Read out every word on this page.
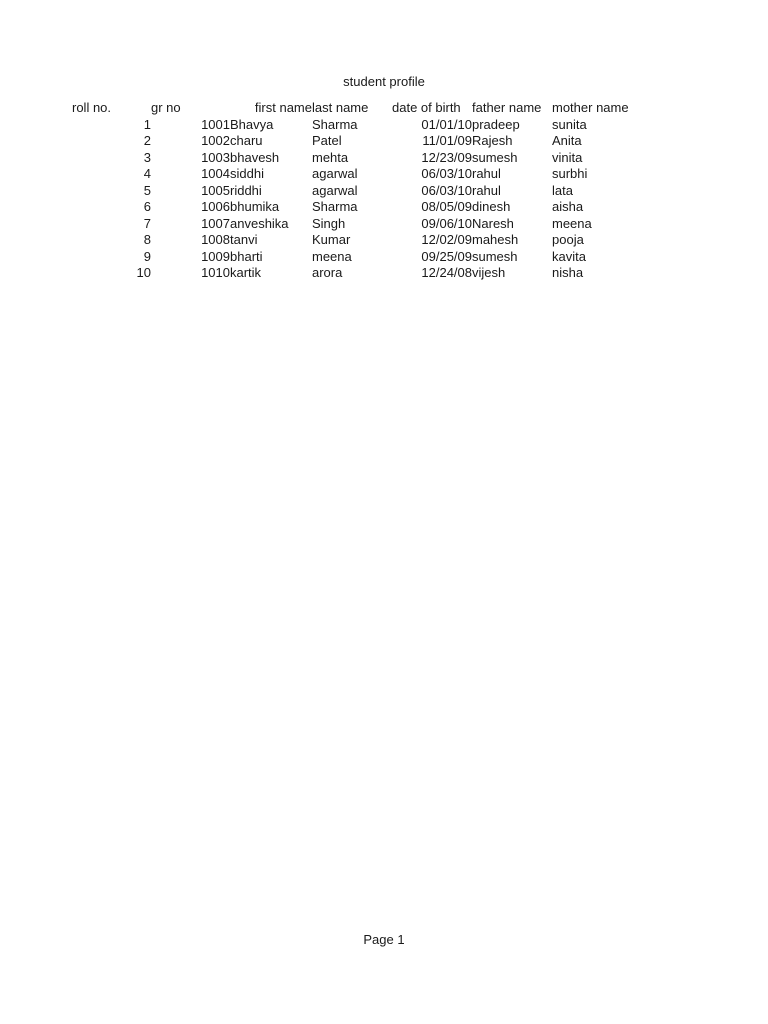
student profile
roll no.	gr no	first name	last name	date of birth	father name	mother name
1	1001	Bhavya	Sharma	01/01/10	pradeep	sunita
2	1002	charu	Patel	11/01/09	Rajesh	Anita
3	1003	bhavesh	mehta	12/23/09	sumesh	vinita
4	1004	siddhi	agarwal	06/03/10	rahul	surbhi
5	1005	riddhi	agarwal	06/03/10	rahul	lata
6	1006	bhumika	Sharma	08/05/09	dinesh	aisha
7	1007	anveshika	Singh	09/06/10	Naresh	meena
8	1008	tanvi	Kumar	12/02/09	mahesh	pooja
9	1009	bharti	meena	09/25/09	sumesh	kavita
10	1010	kartik	arora	12/24/08	vijesh	nisha
Page 1
